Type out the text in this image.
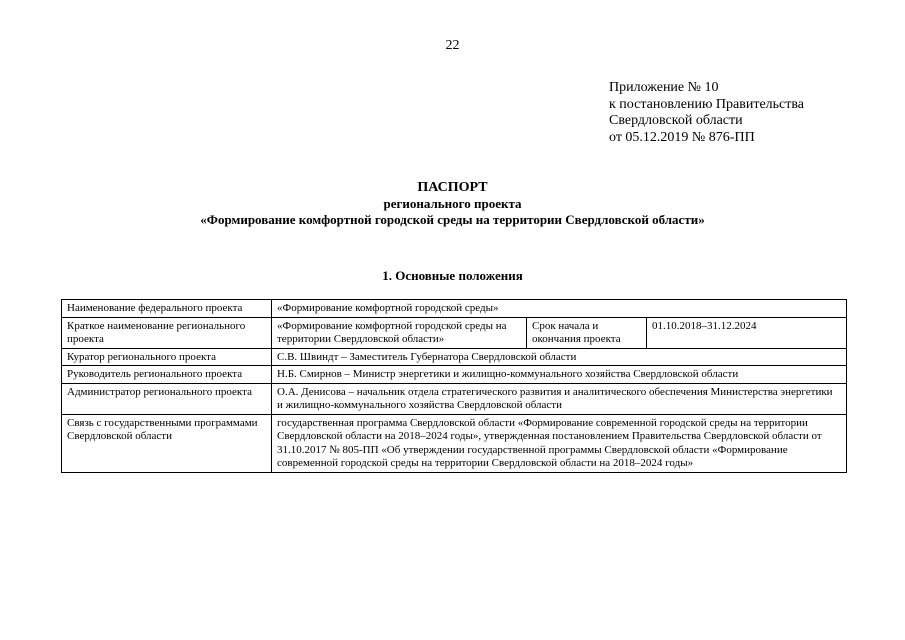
22
Приложение № 10
к постановлению Правительства
Свердловской области
от 05.12.2019 № 876-ПП
ПАСПОРТ
регионального проекта
«Формирование комфортной городской среды на территории Свердловской области»
1. Основные положения
Наименование федерального проекта	«Формирование комфортной городской среды»		
Краткое наименование регионального проекта	«Формирование комфортной городской среды на территории Свердловской области»	Срок начала и окончания проекта	01.10.2018–31.12.2024
Куратор регионального проекта	С.В. Швиндт – Заместитель Губернатора Свердловской области		
Руководитель регионального проекта	Н.Б. Смирнов – Министр энергетики и жилищно-коммунального хозяйства Свердловской области		
Администратор регионального проекта	О.А. Денисова – начальник отдела стратегического развития и аналитического обеспечения Министерства энергетики и жилищно-коммунального хозяйства Свердловской области		
Связь с государственными программами Свердловской области	государственная программа Свердловской области «Формирование современной городской среды на территории Свердловской области на 2018–2024 годы», утвержденная постановлением Правительства Свердловской области от 31.10.2017 № 805-ПП «Об утверждении государственной программы Свердловской области «Формирование современной городской среды на территории Свердловской области на 2018–2024 годы»		
